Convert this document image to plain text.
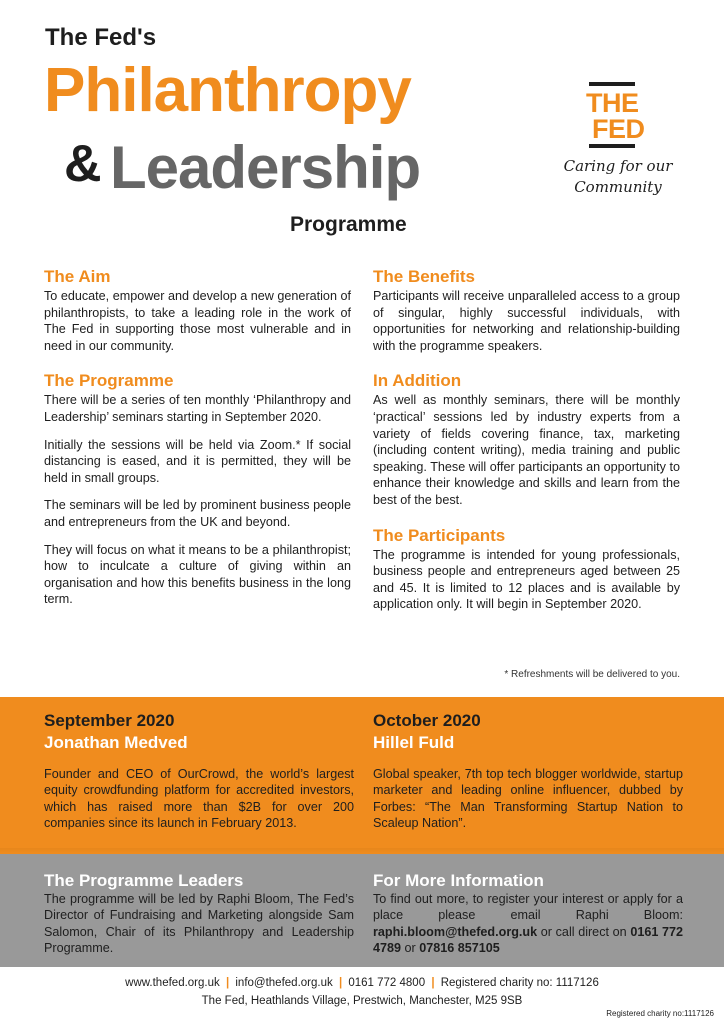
The Fed's
Philanthropy
& Leadership
Programme
THE
FED
Caring for our
Community
The Aim
To educate, empower and develop a new generation of philanthropists, to take a leading role in the work of The Fed in supporting those most vulnerable and in need in our community.
The Programme
There will be a series of ten monthly ‘Philanthropy and Leadership’ seminars starting in September 2020.
Initially the sessions will be held via Zoom.* If social distancing is eased, and it is permitted, they will be held in small groups.
The seminars will be led by prominent business people and entrepreneurs from the UK and beyond.
They will focus on what it means to be a philanthropist; how to inculcate a culture of giving within an organisation and how this benefits business in the long term.
The Benefits
Participants will receive unparalleled access to a group of singular, highly successful individuals, with opportunities for networking and relationship-building with the programme speakers.
In Addition
As well as monthly seminars, there will be monthly ‘practical’ sessions led by industry experts from a variety of fields covering finance, tax, marketing (including content writing), media training and public speaking. These will offer participants an opportunity to enhance their knowledge and skills and learn from the best of the best.
The Participants
The programme is intended for young professionals, business people and entrepreneurs aged between 25 and 45. It is limited to 12 places and is available by application only. It will begin in September 2020.
* Refreshments will be delivered to you.
September 2020
Jonathan Medved
Founder and CEO of OurCrowd, the world’s largest equity crowdfunding platform for accredited investors, which has raised more than $2B for over 200 companies since its launch in February 2013.
October 2020
Hillel Fuld
Global speaker, 7th top tech blogger worldwide, startup marketer and leading online influencer, dubbed by Forbes: “The Man Transforming Startup Nation to Scaleup Nation”.
The Programme Leaders
The programme will be led by Raphi Bloom, The Fed’s Director of Fundraising and Marketing alongside Sam Salomon, Chair of its Philanthropy and Leadership Programme.
For More Information
To find out more, to register your interest or apply for a place please email Raphi Bloom: raphi.bloom@thefed.org.uk or call direct on 0161 772 4789 or 07816 857105
www.thefed.org.uk | info@thefed.org.uk | 0161 772 4800 | Registered charity no: 1117126
The Fed, Heathlands Village, Prestwich, Manchester, M25 9SB
Registered charity no:1117126
